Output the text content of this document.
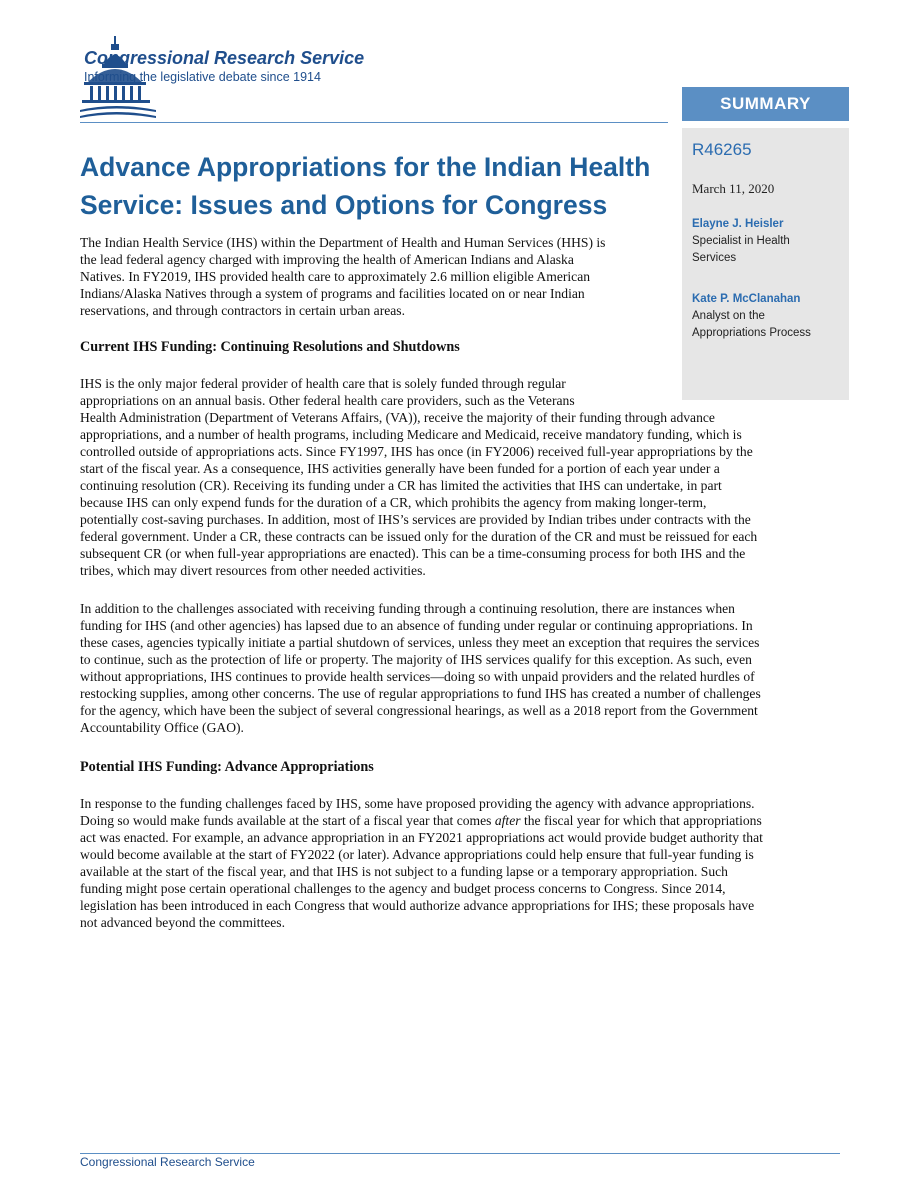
Congressional Research Service
Informing the legislative debate since 1914
SUMMARY
R46265
March 11, 2020
Elayne J. Heisler
Specialist in Health
Services
Kate P. McClanahan
Analyst on the
Appropriations Process
Advance Appropriations for the Indian Health
Service: Issues and Options for Congress
The Indian Health Service (IHS) within the Department of Health and Human Services (HHS) is
the lead federal agency charged with improving the health of American Indians and Alaska
Natives. In FY2019, IHS provided health care to approximately 2.6 million eligible American
Indians/Alaska Natives through a system of programs and facilities located on or near Indian
reservations, and through contractors in certain urban areas.
Current IHS Funding: Continuing Resolutions and Shutdowns
IHS is the only major federal provider of health care that is solely funded through regular
appropriations on an annual basis. Other federal health care providers, such as the Veterans
Health Administration (Department of Veterans Affairs, (VA)), receive the majority of their funding through advance
appropriations, and a number of health programs, including Medicare and Medicaid, receive mandatory funding, which is
controlled outside of appropriations acts. Since FY1997, IHS has once (in FY2006) received full-year appropriations by the
start of the fiscal year. As a consequence, IHS activities generally have been funded for a portion of each year under a
continuing resolution (CR). Receiving its funding under a CR has limited the activities that IHS can undertake, in part
because IHS can only expend funds for the duration of a CR, which prohibits the agency from making longer-term,
potentially cost-saving purchases. In addition, most of IHS’s services are provided by Indian tribes under contracts with the
federal government. Under a CR, these contracts can be issued only for the duration of the CR and must be reissued for each
subsequent CR (or when full-year appropriations are enacted). This can be a time-consuming process for both IHS and the
tribes, which may divert resources from other needed activities.
In addition to the challenges associated with receiving funding through a continuing resolution, there are instances when
funding for IHS (and other agencies) has lapsed due to an absence of funding under regular or continuing appropriations. In
these cases, agencies typically initiate a partial shutdown of services, unless they meet an exception that requires the services
to continue, such as the protection of life or property. The majority of IHS services qualify for this exception. As such, even
without appropriations, IHS continues to provide health services—doing so with unpaid providers and the related hurdles of
restocking supplies, among other concerns. The use of regular appropriations to fund IHS has created a number of challenges
for the agency, which have been the subject of several congressional hearings, as well as a 2018 report from the Government
Accountability Office (GAO).
Potential IHS Funding: Advance Appropriations
In response to the funding challenges faced by IHS, some have proposed providing the agency with advance appropriations.
Doing so would make funds available at the start of a fiscal year that comes after the fiscal year for which that appropriations
act was enacted. For example, an advance appropriation in an FY2021 appropriations act would provide budget authority that
would become available at the start of FY2022 (or later). Advance appropriations could help ensure that full-year funding is
available at the start of the fiscal year, and that IHS is not subject to a funding lapse or a temporary appropriation. Such
funding might pose certain operational challenges to the agency and budget process concerns to Congress. Since 2014,
legislation has been introduced in each Congress that would authorize advance appropriations for IHS; these proposals have
not advanced beyond the committees.
Congressional Research Service
